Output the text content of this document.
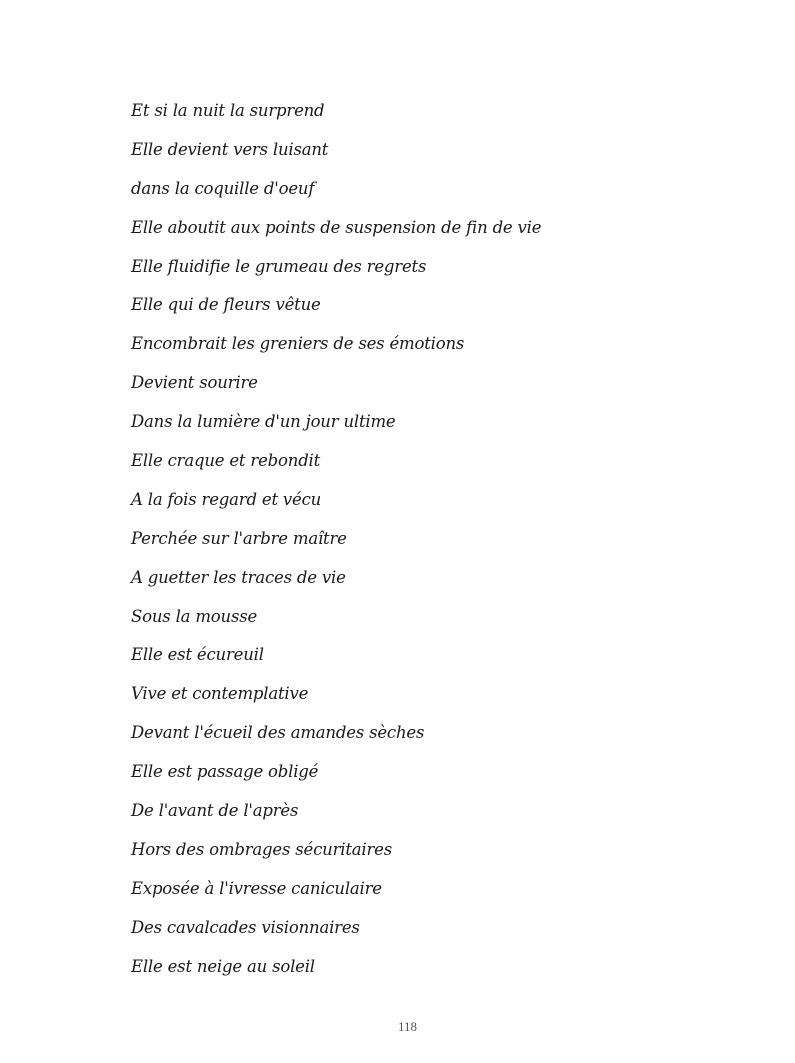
Et si la nuit la surprend
Elle devient vers luisant
dans la coquille d'oeuf
Elle aboutit aux points de suspension de fin de vie
Elle fluidifie le grumeau des regrets
Elle qui de fleurs vêtue
Encombrait les greniers de ses émotions
Devient sourire
Dans la lumière d'un jour ultime
Elle craque et rebondit
A la fois regard et vécu
Perchée sur l'arbre maître
A guetter les traces de vie
Sous la mousse
Elle est écureuil
Vive et contemplative
Devant l'écueil des amandes sèches
Elle est passage obligé
De l'avant de l'après
Hors des ombrages sécuritaires
Exposée à l'ivresse caniculaire
Des cavalcades visionnaires
Elle est neige au soleil
118
